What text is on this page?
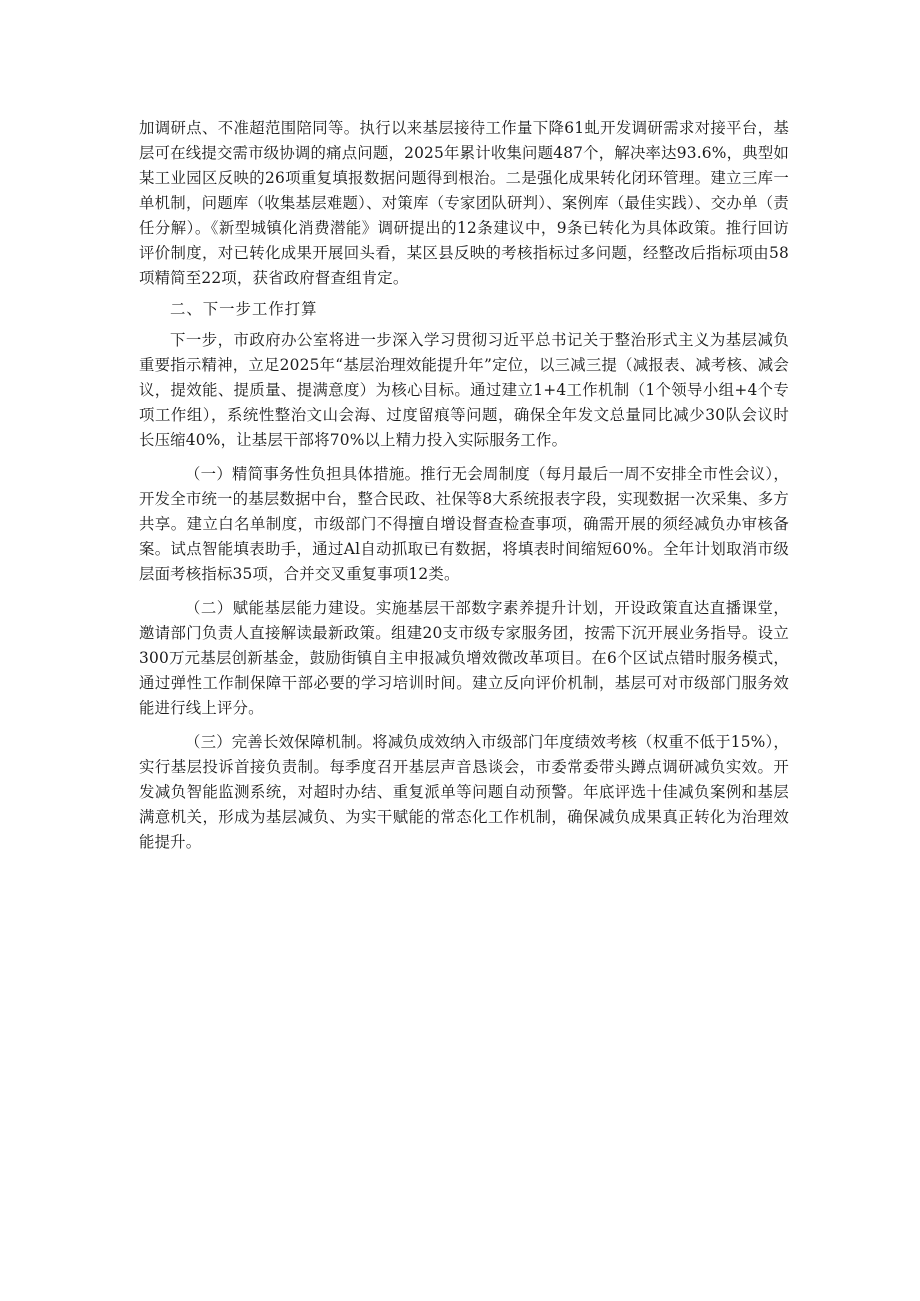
加调研点、不准超范围陪同等。执行以来基层接待工作量下降61虬开发调研需求对接平台，基层可在线提交需市级协调的痛点问题，2025年累计收集问题487个，解决率达93.6%，典型如某工业园区反映的26项重复填报数据问题得到根治。二是强化成果转化闭环管理。建立三库一单机制，问题库（收集基层难题）、对策库（专家团队研判）、案例库（最佳实践）、交办单（责任分解）。《新型城镇化消费潜能》调研提出的12条建议中，9条已转化为具体政策。推行回访评价制度，对已转化成果开展回头看，某区县反映的考核指标过多问题，经整改后指标项由58项精简至22项，获省政府督查组肯定。

二、下一步工作打算

下一步，市政府办公室将进一步深入学习贯彻习近平总书记关于整治形式主义为基层减负重要指示精神，立足2025年“基层治理效能提升年”定位，以三减三提（减报表、减考核、减会议，提效能、提质量、提满意度）为核心目标。通过建立1+4工作机制（1个领导小组+4个专项工作组），系统性整治文山会海、过度留痕等问题，确保全年发文总量同比减少30队会议时长压缩40%，让基层干部将70%以上精力投入实际服务工作。

（一）精简事务性负担具体措施。推行无会周制度（每月最后一周不安排全市性会议），开发全市统一的基层数据中台，整合民政、社保等8大系统报表字段，实现数据一次采集、多方共享。建立白名单制度，市级部门不得擅自增设督查检查事项，确需开展的须经减负办审核备案。试点智能填表助手，通过Al自动抓取已有数据，将填表时间缩短60%。全年计划取消市级层面考核指标35项，合并交叉重复事项12类。

（二）赋能基层能力建设。实施基层干部数字素养提升计划，开设政策直达直播课堂，邀请部门负责人直接解读最新政策。组建20支市级专家服务团，按需下沉开展业务指导。设立300万元基层创新基金，鼓励街镇自主申报减负增效微改革项目。在6个区试点错时服务模式，通过弹性工作制保障干部必要的学习培训时间。建立反向评价机制，基层可对市级部门服务效能进行线上评分。

（三）完善长效保障机制。将减负成效纳入市级部门年度绩效考核（权重不低于15%），实行基层投诉首接负责制。每季度召开基层声音恳谈会，市委常委带头蹲点调研减负实效。开发减负智能监测系统，对超时办结、重复派单等问题自动预警。年底评选十佳减负案例和基层满意机关，形成为基层减负、为实干赋能的常态化工作机制，确保减负成果真正转化为治理效能提升。
